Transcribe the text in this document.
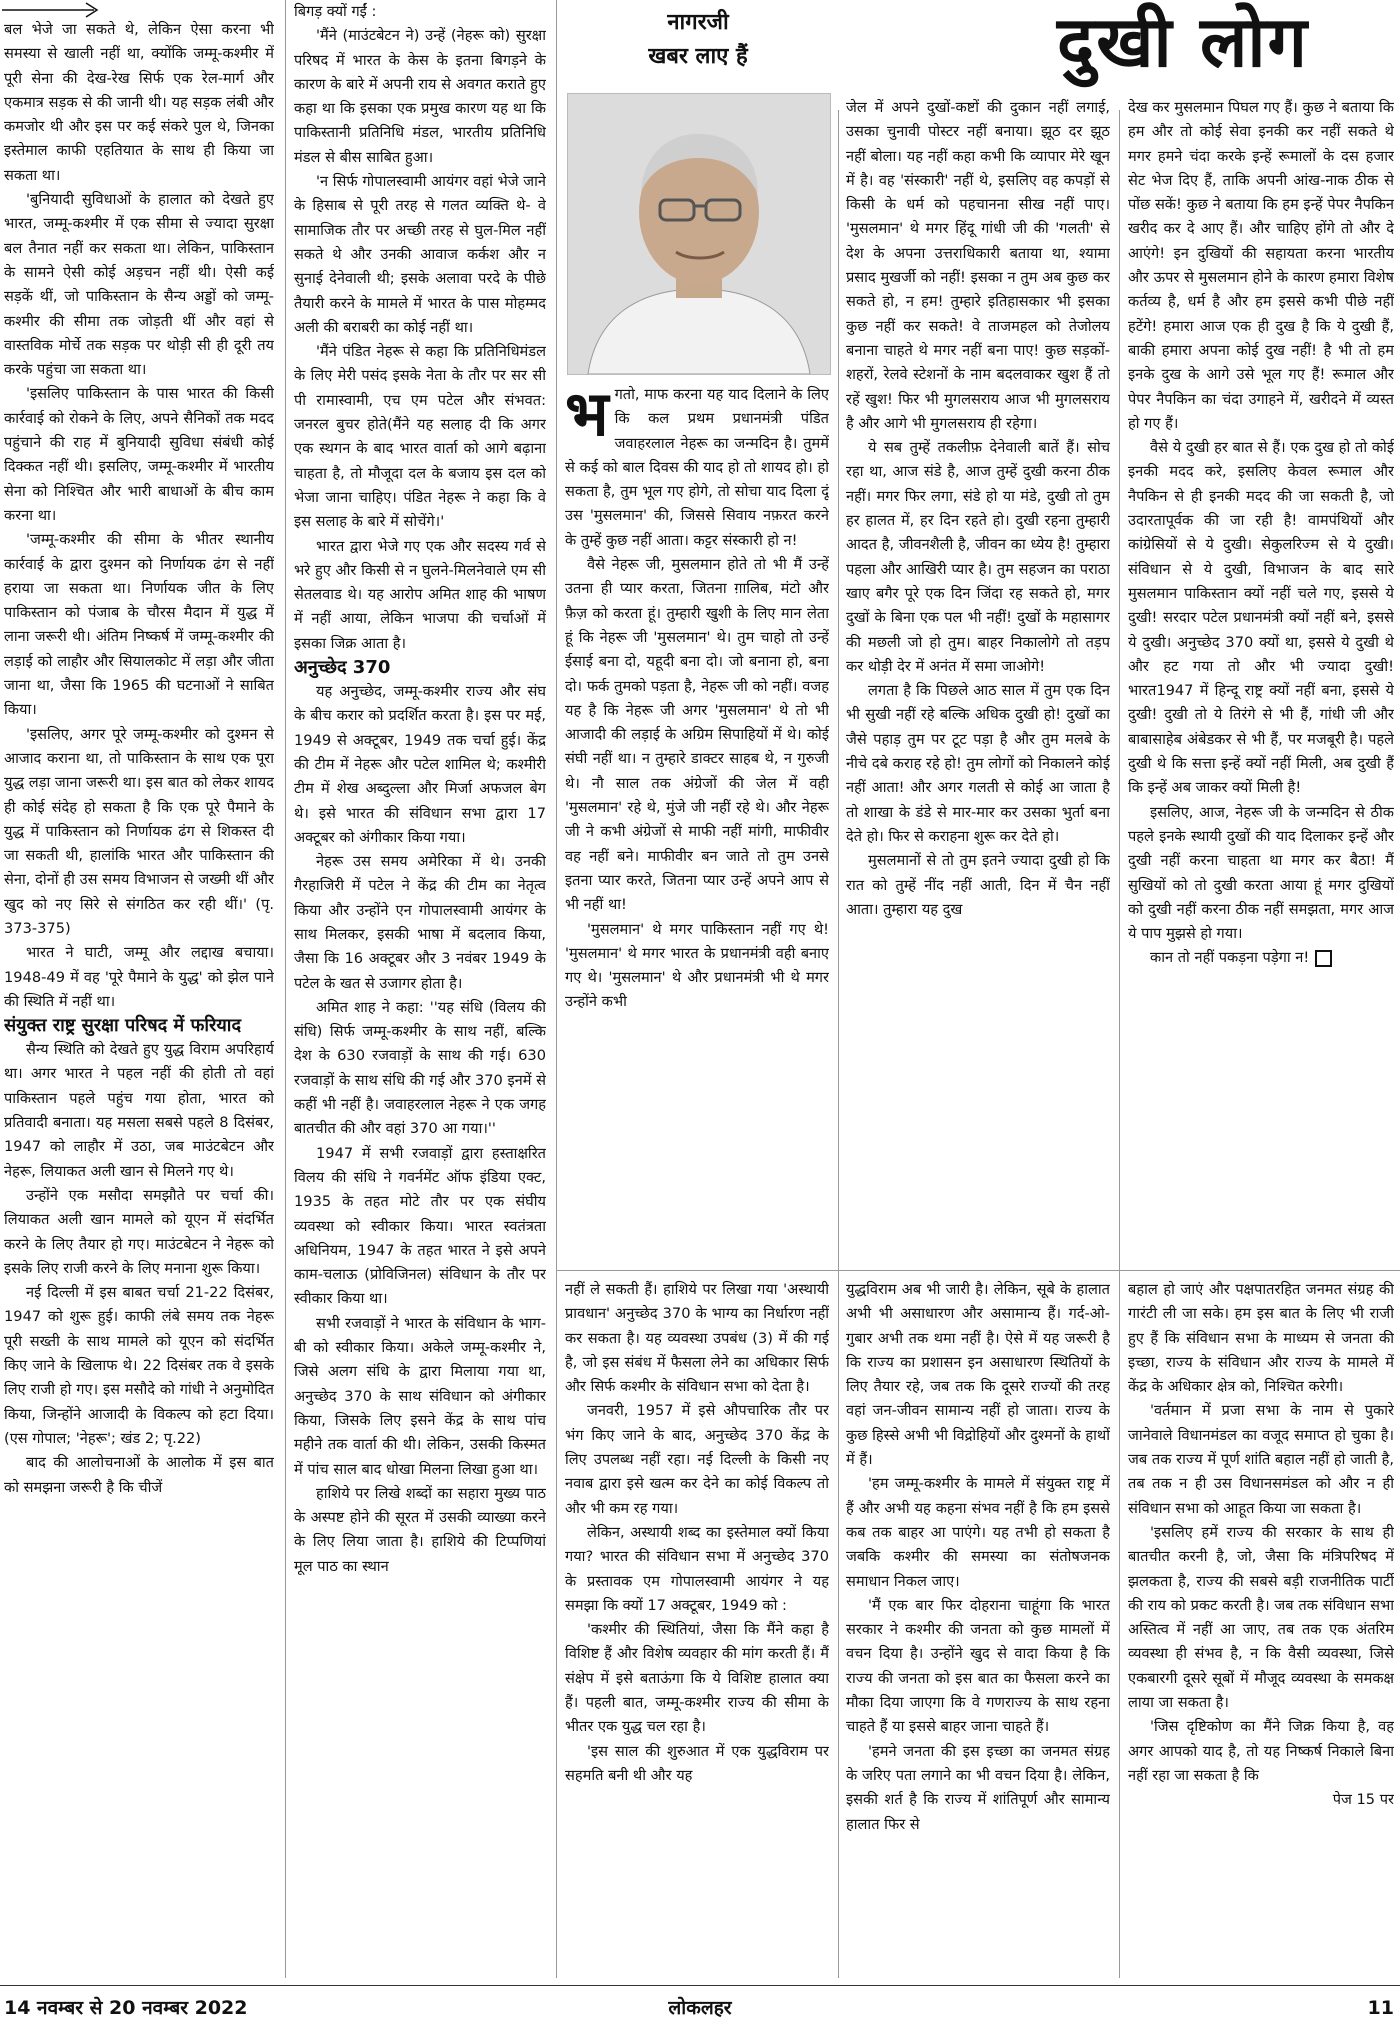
नागरजी
खबर लाए हैं	दुखी लोग

बल भेजे जा सकते थे, लेकिन ऐसा करना भी समस्या से खाली नहीं था, क्योंकि जम्मू-कश्मीर में पूरी सेना की देख-रेख सिर्फ एक रेल-मार्ग और एकमात्र सड़क से की जानी थी। यह सड़क लंबी और कमजोर थी और इस पर कई संकरे पुल थे, जिनका इस्तेमाल काफी एहतियात के साथ ही किया जा सकता था।

'बुनियादी सुविधाओं के हालात को देखते हुए भारत, जम्मू-कश्मीर में एक सीमा से ज्यादा सुरक्षा बल तैनात नहीं कर सकता था। लेकिन, पाकिस्तान के सामने ऐसी कोई अड़चन नहीं थी। ऐसी कई सड़कें थीं, जो पाकिस्तान के सैन्य अड्डों को जम्मू-कश्मीर की सीमा तक जोड़ती थीं और वहां से वास्तविक मोर्चे तक सड़क पर थोड़ी सी ही दूरी तय करके पहुंचा जा सकता था।

'इसलिए पाकिस्तान के पास भारत की किसी कार्रवाई को रोकने के लिए, अपने सैनिकों तक मदद पहुंचाने की राह में बुनियादी सुविधा संबंधी कोई दिक्कत नहीं थी। इसलिए, जम्मू-कश्मीर में भारतीय सेना को निश्चित और भारी बाधाओं के बीच काम करना था।

'जम्मू-कश्मीर की सीमा के भीतर स्थानीय कार्रवाई के द्वारा दुश्मन को निर्णायक ढंग से नहीं हराया जा सकता था। निर्णायक जीत के लिए पाकिस्तान को पंजाब के चौरस मैदान में युद्ध में लाना जरूरी थी। अंतिम निष्कर्ष में जम्मू-कश्मीर की लड़ाई को लाहौर और सियालकोट में लड़ा और जीता जाना था, जैसा कि 1965 की घटनाओं ने साबित किया।

'इसलिए, अगर पूरे जम्मू-कश्मीर को दुश्मन से आजाद कराना था, तो पाकिस्तान के साथ एक पूरा युद्ध लड़ा जाना जरूरी था। इस बात को लेकर शायद ही कोई संदेह हो सकता है कि एक पूरे पैमाने के युद्ध में पाकिस्तान को निर्णायक ढंग से शिकस्त दी जा सकती थी, हालांकि भारत और पाकिस्तान की सेना, दोनों ही उस समय विभाजन से जख्मी थीं और खुद को नए सिरे से संगठित कर रही थीं।' (पृ. 373-375)

भारत ने घाटी, जम्मू और लद्दाख बचाया। 1948-49 में वह 'पूरे पैमाने के युद्ध' को झेल पाने की स्थिति में नहीं था।

संयुक्त राष्ट्र सुरक्षा परिषद में फरियाद

सैन्य स्थिति को देखते हुए युद्ध विराम अपरिहार्य था। अगर भारत ने पहल नहीं की होती तो वहां पाकिस्तान पहले पहुंच गया होता, भारत को प्रतिवादी बनाता। यह मसला सबसे पहले 8 दिसंबर, 1947 को लाहौर में उठा, जब माउंटबेटन और नेहरू, लियाकत अली खान से मिलने गए थे।

उन्होंने एक मसौदा समझौते पर चर्चा की। लियाकत अली खान मामले को यूएन में संदर्भित करने के लिए तैयार हो गए। माउंटबेटन ने नेहरू को इसके लिए राजी करने के लिए मनाना शुरू किया।

नई दिल्ली में इस बाबत चर्चा 21-22 दिसंबर, 1947 को शुरू हुई। काफी लंबे समय तक नेहरू पूरी सख्ती के साथ मामले को यूएन को संदर्भित किए जाने के खिलाफ थे। 22 दिसंबर तक वे इसके लिए राजी हो गए। इस मसौदे को गांधी ने अनुमोदित किया, जिन्होंने आजादी के विकल्प को हटा दिया। (एस गोपाल; 'नेहरू'; खंड 2; पृ.22)

बाद की आलोचनाओं के आलोक में इस बात को समझना जरूरी है कि चीजें

बिगड़ क्यों गईं :

'मैंने (माउंटबेटन ने) उन्हें (नेहरू को) सुरक्षा परिषद में भारत के केस के इतना बिगड़ने के कारण के बारे में अपनी राय से अवगत कराते हुए कहा था कि इसका एक प्रमुख कारण यह था कि पाकिस्तानी प्रतिनिधि मंडल, भारतीय प्रतिनिधि मंडल से बीस साबित हुआ।

'न सिर्फ गोपालस्वामी आयंगर वहां भेजे जाने के हिसाब से पूरी तरह से गलत व्यक्ति थे- वे सामाजिक तौर पर अच्छी तरह से घुल-मिल नहीं सकते थे और उनकी आवाज कर्कश और न सुनाई देनेवाली थी; इसके अलावा परदे के पीछे तैयारी करने के मामले में भारत के पास मोहम्मद अली की बराबरी का कोई नहीं था।

'मैंने पंडित नेहरू से कहा कि प्रतिनिधिमंडल के लिए मेरी पसंद इसके नेता के तौर पर सर सी पी रामास्वामी, एच एम पटेल और संभवत: जनरल बुचर होते(मैंने यह सलाह दी कि अगर एक स्थगन के बाद भारत वार्ता को आगे बढ़ाना चाहता है, तो मौजूदा दल के बजाय इस दल को भेजा जाना चाहिए। पंडित नेहरू ने कहा कि वे इस सलाह के बारे में सोचेंगे।'

भारत द्वारा भेजे गए एक और सदस्य गर्व से भरे हुए और किसी से न घुलने-मिलनेवाले एम सी सेतलवाड थे। यह आरोप अमित शाह की भाषण में नहीं आया, लेकिन भाजपा की चर्चाओं में इसका जिक्र आता है।

अनुच्छेद 370

यह अनुच्छेद, जम्मू-कश्मीर राज्य और संघ के बीच करार को प्रदर्शित करता है। इस पर मई, 1949 से अक्टूबर, 1949 तक चर्चा हुई। केंद्र की टीम में नेहरू और पटेल शामिल थे; कश्मीरी टीम में शेख अब्दुल्ला और मिर्जा अफजल बेग थे। इसे भारत की संविधान सभा द्वारा 17 अक्टूबर को अंगीकार किया गया।

नेहरू उस समय अमेरिका में थे। उनकी गैरहाजिरी में पटेल ने केंद्र की टीम का नेतृत्व किया और उन्होंने एन गोपालस्वामी आयंगर के साथ मिलकर, इसकी भाषा में बदलाव किया, जैसा कि 16 अक्टूबर और 3 नवंबर 1949 के पटेल के खत से उजागर होता है।

अमित शाह ने कहा: ''यह संधि (विलय की संधि) सिर्फ जम्मू-कश्मीर के साथ नहीं, बल्कि देश के 630 रजवाड़ों के साथ की गई। 630 रजवाड़ों के साथ संधि की गई और 370 इनमें से कहीं भी नहीं है। जवाहरलाल नेहरू ने एक जगह बातचीत की और वहां 370 आ गया।''

1947 में सभी रजवाड़ों द्वारा हस्ताक्षरित विलय की संधि ने गवर्नमेंट ऑफ इंडिया एक्ट, 1935 के तहत मोटे तौर पर एक संघीय व्यवस्था को स्वीकार किया। भारत स्वतंत्रता अधिनियम, 1947 के तहत भारत ने इसे अपने काम-चलाऊ (प्रोविजिनल) संविधान के तौर पर स्वीकार किया था।

सभी रजवाड़ों ने भारत के संविधान के भाग-बी को स्वीकार किया। अकेले जम्मू-कश्मीर ने, जिसे अलग संधि के द्वारा मिलाया गया था, अनुच्छेद 370 के साथ संविधान को अंगीकार किया, जिसके लिए इसने केंद्र के साथ पांच महीने तक वार्ता की थी। लेकिन, उसकी किस्मत में पांच साल बाद धोखा मिलना लिखा हुआ था।

हाशिये पर लिखे शब्दों का सहारा मुख्य पाठ के अस्पष्ट होने की सूरत में उसकी व्याख्या करने के लिए लिया जाता है। हाशिये की टिप्पणियां मूल पाठ का स्थान

भगतो, माफ करना यह याद दिलाने के लिए कि कल प्रथम प्रधानमंत्री पंडित जवाहरलाल नेहरू का जन्मदिन है। तुममें से कई को बाल दिवस की याद हो तो शायद हो। हो सकता है, तुम भूल गए होगे, तो सोचा याद दिला दूं उस 'मुसलमान' की, जिससे सिवाय नफ़रत करने के तुम्हें कुछ नहीं आता। कट्टर संस्कारी हो न!

वैसे नेहरू जी, मुसलमान होते तो भी मैं उन्हें उतना ही प्यार करता, जितना ग़ालिब, मंटो और फ़ैज़ को करता हूं। तुम्हारी खुशी के लिए मान लेता हूं कि नेहरू जी 'मुसलमान' थे। तुम चाहो तो उन्हें ईसाई बना दो, यहूदी बना दो। जो बनाना हो, बना दो। फर्क तुमको पड़ता है, नेहरू जी को नहीं। वजह यह है कि नेहरू जी अगर 'मुसलमान' थे तो भी आजादी की लड़ाई के अग्रिम सिपाहियों में थे। कोई संघी नहीं था। न तुम्हारे डाक्टर साहब थे, न गुरुजी थे। नौ साल तक अंग्रेजों की जेल में वही 'मुसलमान' रहे थे, मुंजे जी नहीं रहे थे। और नेहरू जी ने कभी अंग्रेजों से माफी नहीं मांगी, माफीवीर वह नहीं बने। माफीवीर बन जाते तो तुम उनसे इतना प्यार करते, जितना प्यार उन्हें अपने आप से भी नहीं था!

'मुसलमान' थे मगर पाकिस्तान नहीं गए थे! 'मुसलमान' थे मगर भारत के प्रधानमंत्री वही बनाए गए थे। 'मुसलमान' थे और प्रधानमंत्री भी थे मगर उन्होंने कभी

जेल में अपने दुखों-कष्टों की दुकान नहीं लगाई, उसका चुनावी पोस्टर नहीं बनाया। झूठ दर झूठ नहीं बोला। यह नहीं कहा कभी कि व्यापार मेरे खून में है। वह 'संस्कारी' नहीं थे, इसलिए वह कपड़ों से किसी के धर्म को पहचानना सीख नहीं पाए। 'मुसलमान' थे मगर हिंदू गांधी जी की 'गलती' से देश के अपना उत्तराधिकारी बताया था, श्यामा प्रसाद मुखर्जी को नहीं! इसका न तुम अब कुछ कर सकते हो, न हम! तुम्हारे इतिहासकार भी इसका कुछ नहीं कर सकते! वे ताजमहल को तेजोलय बनाना चाहते थे मगर नहीं बना पाए! कुछ सड़कों-शहरों, रेलवे स्टेशनों के नाम बदलवाकर खुश हैं तो रहें खुश! फिर भी मुगलसराय आज भी मुगलसराय है और आगे भी मुगलसराय ही रहेगा।

ये सब तुम्हें तकलीफ़ देनेवाली बातें हैं। सोच रहा था, आज संडे है, आज तुम्हें दुखी करना ठीक नहीं। मगर फिर लगा, संडे हो या मंडे, दुखी तो तुम हर हालत में, हर दिन रहते हो। दुखी रहना तुम्हारी आदत है, जीवनशैली है, जीवन का ध्येय है! तुम्हारा पहला और आखिरी प्यार है। तुम सहजन का पराठा खाए बगैर पूरे एक दिन जिंदा रह सकते हो, मगर दुखों के बिना एक पल भी नहीं! दुखों के महासागर की मछली जो हो तुम। बाहर निकालोगे तो तड़प कर थोड़ी देर में अनंत में समा जाओगे!

लगता है कि पिछले आठ साल में तुम एक दिन भी सुखी नहीं रहे बल्कि अधिक दुखी हो! दुखों का जैसे पहाड़ तुम पर टूट पड़ा है और तुम मलबे के नीचे दबे कराह रहे हो! तुम लोगों को निकालने कोई नहीं आता! और अगर गलती से कोई आ जाता है तो शाखा के डंडे से मार-मार कर उसका भुर्ता बना देते हो। फिर से कराहना शुरू कर देते हो।

मुसलमानों से तो तुम इतने ज्यादा दुखी हो कि रात को तुम्हें नींद नहीं आती, दिन में चैन नहीं आता। तुम्हारा यह दुख

देख कर मुसलमान पिघल गए हैं। कुछ ने बताया कि हम और तो कोई सेवा इनकी कर नहीं सकते थे मगर हमने चंदा करके इन्हें रूमालों के दस हजार सेट भेज दिए हैं, ताकि अपनी आंख-नाक ठीक से पोंछ सकें! कुछ ने बताया कि हम इन्हें पेपर नैपकिन खरीद कर दे आए हैं। और चाहिए होंगे तो और दे आएंगे! इन दुखियों की सहायता करना भारतीय और ऊपर से मुसलमान होने के कारण हमारा विशेष कर्तव्य है, धर्म है और हम इससे कभी पीछे नहीं हटेंगे! हमारा आज एक ही दुख है कि ये दुखी हैं, बाकी हमारा अपना कोई दुख नहीं! है भी तो हम इनके दुख के आगे उसे भूल गए हैं! रूमाल और पेपर नैपकिन का चंदा उगाहने में, खरीदने में व्यस्त हो गए हैं।

वैसे ये दुखी हर बात से हैं। एक दुख हो तो कोई इनकी मदद करे, इसलिए केवल रूमाल और नैपकिन से ही इनकी मदद की जा सकती है, जो उदारतापूर्वक की जा रही है! वामपंथियों और कांग्रेसियों से ये दुखी। सेकुलरिज्म से ये दुखी। संविधान से ये दुखी, विभाजन के बाद सारे मुसलमान पाकिस्तान क्यों नहीं चले गए, इससे ये दुखी! सरदार पटेल प्रधानमंत्री क्यों नहीं बने, इससे ये दुखी। अनुच्छेद 370 क्यों था, इससे ये दुखी थे और हट गया तो और भी ज्यादा दुखी! भारत1947 में हिन्दू राष्ट्र क्यों नहीं बना, इससे ये दुखी! दुखी तो ये तिरंगे से भी हैं, गांधी जी और बाबासाहेब अंबेडकर से भी हैं, पर मजबूरी है। पहले दुखी थे कि सत्ता इन्हें क्यों नहीं मिली, अब दुखी हैं कि इन्हें अब जाकर क्यों मिली है!

इसलिए, आज, नेहरू जी के जन्मदिन से ठीक पहले इनके स्थायी दुखों की याद दिलाकर इन्हें और दुखी नहीं करना चाहता था मगर कर बैठा! मैं सुखियों को तो दुखी करता आया हूं मगर दुखियों को दुखी नहीं करना ठीक नहीं समझता, मगर आज ये पाप मुझसे हो गया।

कान तो नहीं पकड़ना पड़ेगा न!

नहीं ले सकती हैं। हाशिये पर लिखा गया 'अस्थायी प्रावधान' अनुच्छेद 370 के भाग्य का निर्धारण नहीं कर सकता है। यह व्यवस्था उपबंध (3) में की गई है, जो इस संबंध में फैसला लेने का अधिकार सिर्फ और सिर्फ कश्मीर के संविधान सभा को देता है।

जनवरी, 1957 में इसे औपचारिक तौर पर भंग किए जाने के बाद, अनुच्छेद 370 केंद्र के लिए उपलब्ध नहीं रहा। नई दिल्ली के किसी नए नवाब द्वारा इसे खत्म कर देने का कोई विकल्प तो और भी कम रह गया।

लेकिन, अस्थायी शब्द का इस्तेमाल क्यों किया गया? भारत की संविधान सभा में अनुच्छेद 370 के प्रस्तावक एम गोपालस्वामी आयंगर ने यह समझा कि क्यों 17 अक्टूबर, 1949 को :

'कश्मीर की स्थितियां, जैसा कि मैंने कहा है विशिष्ट हैं और विशेष व्यवहार की मांग करती हैं। मैं संक्षेप में इसे बताऊंगा कि ये विशिष्ट हालात क्या हैं। पहली बात, जम्मू-कश्मीर राज्य की सीमा के भीतर एक युद्ध चल रहा है।

'इस साल की शुरुआत में एक युद्धविराम पर सहमति बनी थी और यह

युद्धविराम अब भी जारी है। लेकिन, सूबे के हालात अभी भी असाधारण और असामान्य हैं। गर्द-ओ-गुबार अभी तक थमा नहीं है। ऐसे में यह जरूरी है कि राज्य का प्रशासन इन असाधारण स्थितियों के लिए तैयार रहे, जब तक कि दूसरे राज्यों की तरह वहां जन-जीवन सामान्य नहीं हो जाता। राज्य के कुछ हिस्से अभी भी विद्रोहियों और दुश्मनों के हाथों में हैं।

'हम जम्मू-कश्मीर के मामले में संयुक्त राष्ट्र में हैं और अभी यह कहना संभव नहीं है कि हम इससे कब तक बाहर आ पाएंगे। यह तभी हो सकता है जबकि कश्मीर की समस्या का संतोषजनक समाधान निकल जाए।

'मैं एक बार फिर दोहराना चाहूंगा कि भारत सरकार ने कश्मीर की जनता को कुछ मामलों में वचन दिया है। उन्होंने खुद से वादा किया है कि राज्य की जनता को इस बात का फैसला करने का मौका दिया जाएगा कि वे गणराज्य के साथ रहना चाहते हैं या इससे बाहर जाना चाहते हैं।

'हमने जनता की इस इच्छा का जनमत संग्रह के जरिए पता लगाने का भी वचन दिया है। लेकिन, इसकी शर्त है कि राज्य में शांतिपूर्ण और सामान्य हालात फिर से

बहाल हो जाएं और पक्षपातरहित जनमत संग्रह की गारंटी ली जा सके। हम इस बात के लिए भी राजी हुए हैं कि संविधान सभा के माध्यम से जनता की इच्छा, राज्य के संविधान और राज्य के मामले में केंद्र के अधिकार क्षेत्र को, निश्चित करेगी।

'वर्तमान में प्रजा सभा के नाम से पुकारे जानेवाले विधानमंडल का वजूद समाप्त हो चुका है। जब तक राज्य में पूर्ण शांति बहाल नहीं हो जाती है, तब तक न ही उस विधानसमंडल को और न ही संविधान सभा को आहूत किया जा सकता है।

'इसलिए हमें राज्य की सरकार के साथ ही बातचीत करनी है, जो, जैसा कि मंत्रिपरिषद में झलकता है, राज्य की सबसे बड़ी राजनीतिक पार्टी की राय को प्रकट करती है। जब तक संविधान सभा अस्तित्व में नहीं आ जाए, तब तक एक अंतरिम व्यवस्था ही संभव है, न कि वैसी व्यवस्था, जिसे एकबारगी दूसरे सूबों में मौजूद व्यवस्था के समकक्ष लाया जा सकता है।

'जिस दृष्टिकोण का मैंने जिक्र किया है, वह अगर आपको याद है, तो यह निष्कर्ष निकाले बिना नहीं रहा जा सकता है कि

पेज 15 पर

14 नवम्बर से 20 नवम्बर 2022	लोकलहर	11
